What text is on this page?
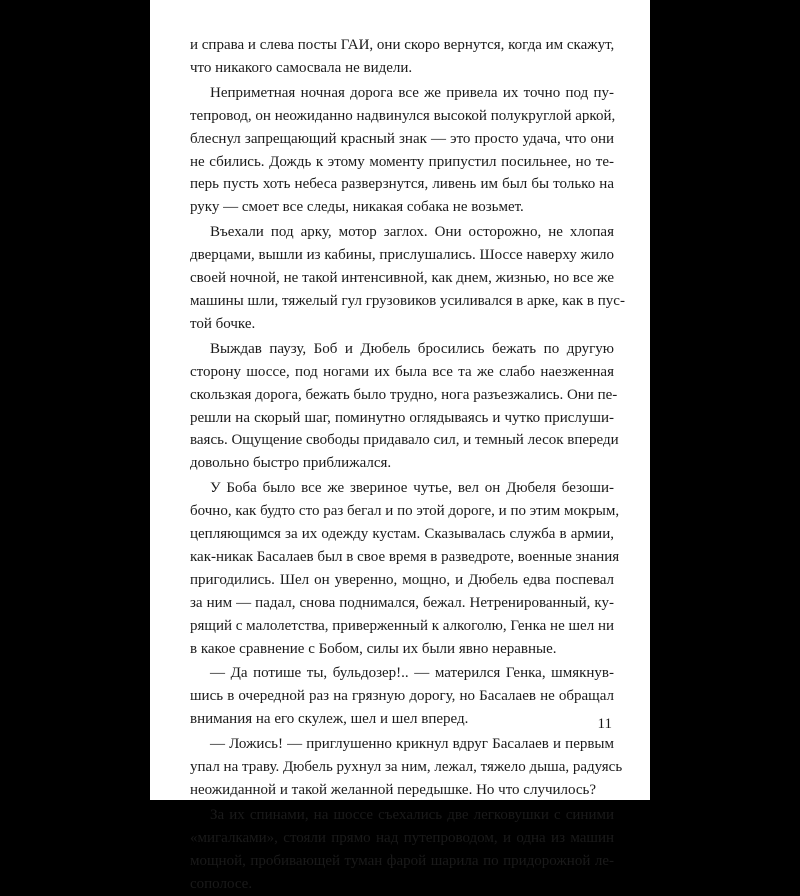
и справа и слева посты ГАИ, они скоро вернутся, когда им скажут,
что никакого самосвала не видели.
Неприметная ночная дорога все же привела их точно под пу-
тепровод, он неожиданно надвинулся высокой полукруглой аркой,
блеснул запрещающий красный знак — это просто удача, что они
не сбились. Дождь к этому моменту припустил посильнее, но те-
перь пусть хоть небеса разверзнутся, ливень им был бы только на
руку — смоет все следы, никакая собака не возьмет.
Въехали под арку, мотор заглох. Они осторожно, не хлопая
дверцами, вышли из кабины, прислушались. Шоссе наверху жило
своей ночной, не такой интенсивной, как днем, жизнью, но все же
машины шли, тяжелый гул грузовиков усиливался в арке, как в пус-
той бочке.
Выждав паузу, Боб и Дюбель бросились бежать по другую
сторону шоссе, под ногами их была все та же слабо наезженная
скользкая дорога, бежать было трудно, нога разъезжались. Они пе-
решли на скорый шаг, поминутно оглядываясь и чутко прислуши-
ваясь. Ощущение свободы придавало сил, и темный лесок впереди
довольно быстро приближался.
У Боба было все же звериное чутье, вел он Дюбеля безоши-
бочно, как будто сто раз бегал и по этой дороге, и по этим мокрым,
цепляющимся за их одежду кустам. Сказывалась служба в армии,
как-никак Басалаев был в свое время в разведроте, военные знания
пригодились. Шел он уверенно, мощно, и Дюбель едва поспевал
за ним — падал, снова поднимался, бежал. Нетренированный, ку-
рящий с малолетства, приверженный к алкоголю, Генка не шел ни
в какое сравнение с Бобом, силы их были явно неравные.
— Да потише ты, бульдозер!.. — матерился Генка, шмякнув-
шись в очередной раз на грязную дорогу, но Басалаев не обращал
внимания на его скулеж, шел и шел вперед.
— Ложись! — приглушенно крикнул вдруг Басалаев и первым
упал на траву. Дюбель рухнул за ним, лежал, тяжело дыша, радуясь
неожиданной и такой желанной передышке. Но что случилось?
За их спинами, на шоссе съехались две легковушки с синими
«мигалками», стояли прямо над путепроводом, и одна из машин
мощной, пробивающей туман фарой шарила по придорожной ле-
сополосе.
11
